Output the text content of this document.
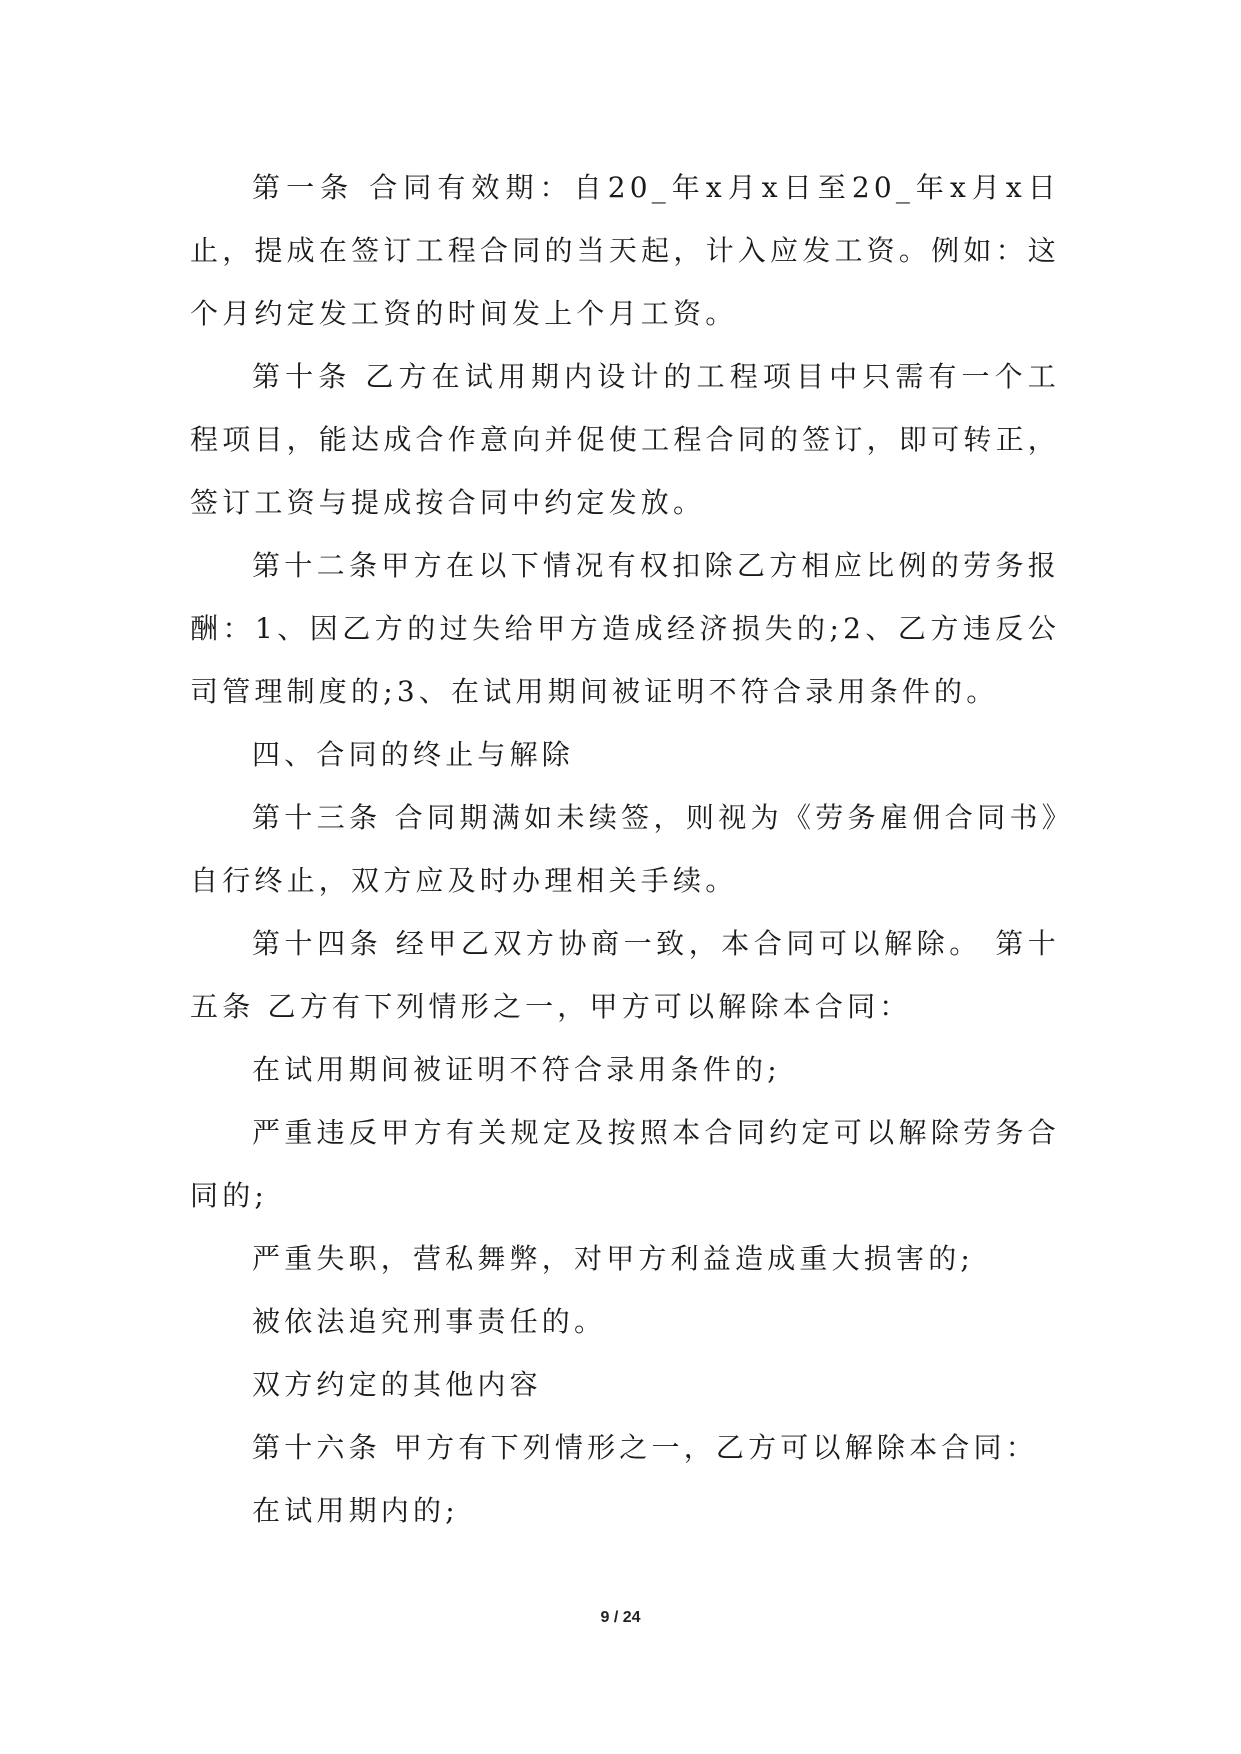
第一条 合同有效期：自20_年x月x日至20_年x月x日止，提成在签订工程合同的当天起，计入应发工资。例如：这个月约定发工资的时间发上个月工资。

第十条 乙方在试用期内设计的工程项目中只需有一个工程项目，能达成合作意向并促使工程合同的签订，即可转正，签订工资与提成按合同中约定发放。

第十二条甲方在以下情况有权扣除乙方相应比例的劳务报酬：1、因乙方的过失给甲方造成经济损失的;2、乙方违反公司管理制度的;3、在试用期间被证明不符合录用条件的。

四、合同的终止与解除

第十三条 合同期满如未续签，则视为《劳务雇佣合同书》自行终止，双方应及时办理相关手续。

第十四条 经甲乙双方协商一致，本合同可以解除。 第十五条 乙方有下列情形之一，甲方可以解除本合同：

在试用期间被证明不符合录用条件的;

严重违反甲方有关规定及按照本合同约定可以解除劳务合同的;

严重失职，营私舞弊，对甲方利益造成重大损害的;

被依法追究刑事责任的。

双方约定的其他内容

第十六条 甲方有下列情形之一，乙方可以解除本合同：

在试用期内的;

9 / 24
